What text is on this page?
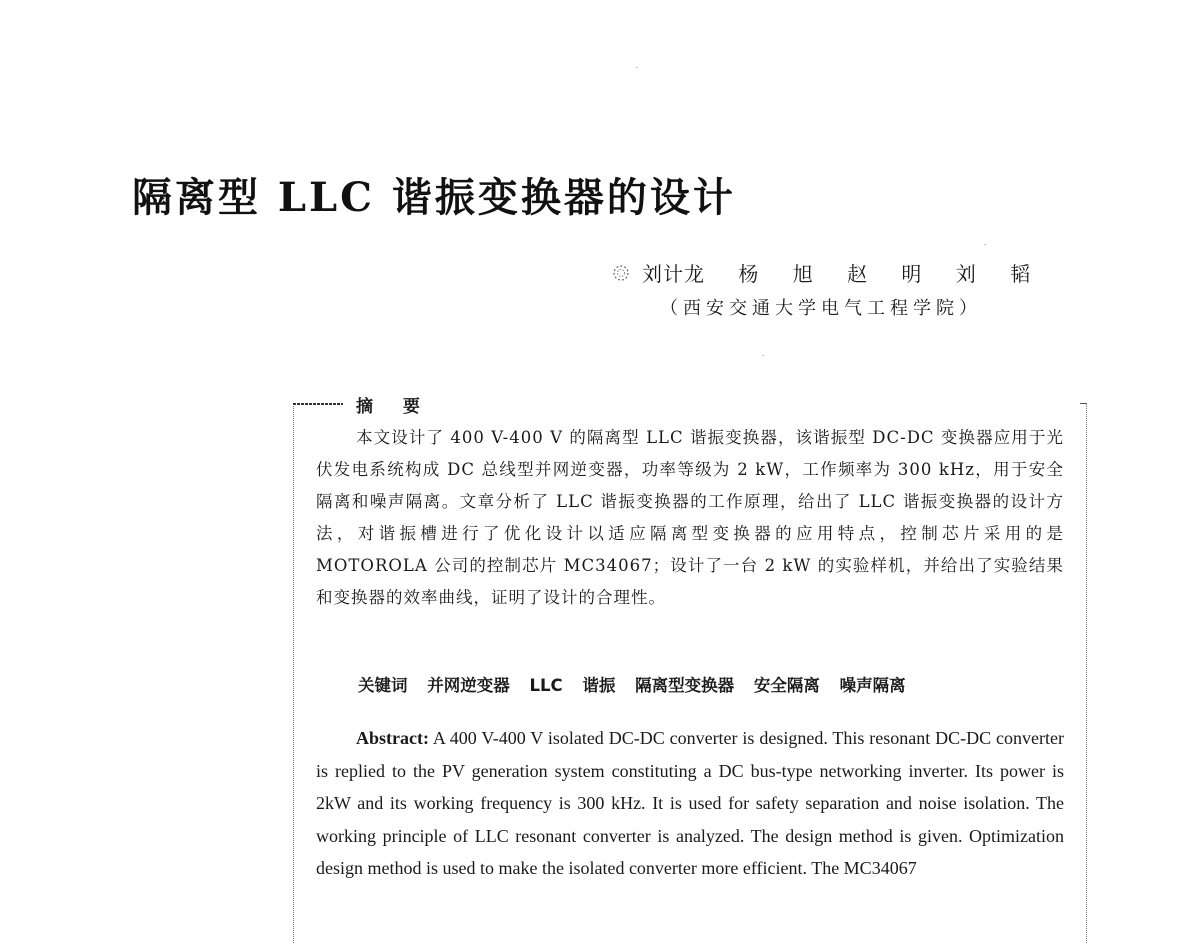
隔离型 LLC 谐振变换器的设计
刘计龙 杨 旭 赵 明 刘 韬
（西安交通大学电气工程学院）
摘 要

本文设计了 400 V-400 V 的隔离型 LLC 谐振变换器，该谐振型 DC-DC 变换器应用于光伏发电系统构成 DC 总线型并网逆变器，功率等级为 2 kW，工作频率为 300 kHz，用于安全隔离和噪声隔离。文章分析了 LLC 谐振变换器的工作原理，给出了 LLC 谐振变换器的设计方法，对谐振槽进行了优化设计以适应隔离型变换器的应用特点，控制芯片采用的是 MOTOROLA 公司的控制芯片 MC34067；设计了一台 2 kW 的实验样机，并给出了实验结果和变换器的效率曲线，证明了设计的合理性。

关键词 并网逆变器 LLC 谐振 隔离型变换器 安全隔离 噪声隔离

Abstract: A 400 V-400 V isolated DC-DC converter is designed. This resonant DC-DC converter is replied to the PV generation system constituting a DC bus-type networking inverter. Its power is 2kW and its working frequency is 300 kHz. It is used for safety separation and noise isolation. The working principle of LLC resonant converter is analyzed. The design method is given. Optimization design method is used to make the isolated converter more efficient. The MC34067
